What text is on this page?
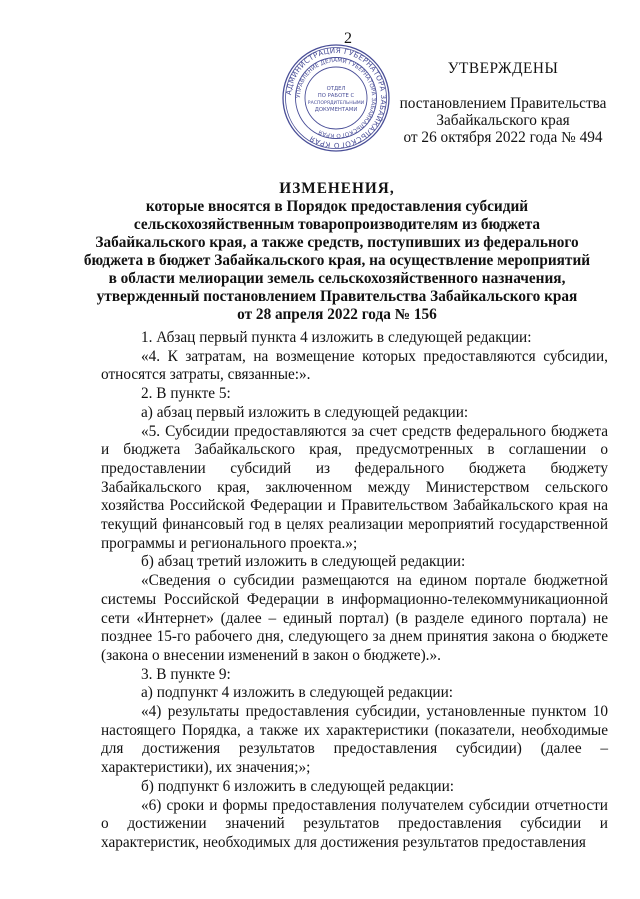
2
АДМИНИСТРАЦИЯ ГУБЕРНАТОРА ЗАБАЙКАЛЬСКОГО КРАЯ
УПРАВЛЕНИЕ ДЕЛАМИ ГУБЕРНАТОРА ЗАБАЙКАЛЬСКОГО КРАЯ
ОТДЕЛ
ПО РАБОТЕ С
РАСПОРЯДИТЕЛЬНЫМИ
ДОКУМЕНТАМИ

УТВЕРЖДЕНЫ

постановлением Правительства

Забайкальского края

от 26 октября 2022 года № 494

ИЗМЕНЕНИЯ,
которые вносятся в Порядок предоставления субсидий
сельскохозяйственным товаропроизводителям из бюджета
Забайкальского края, а также средств, поступивших из федерального
бюджета в бюджет Забайкальского края, на осуществление мероприятий
в области мелиорации земель сельскохозяйственного назначения,
утвержденный постановлением Правительства Забайкальского края
от 28 апреля 2022 года № 156

1. Абзац первый пункта 4 изложить в следующей редакции:

«4. К затратам, на возмещение которых предоставляются субсидии, относятся затраты, связанные:».

2. В пункте 5:

а) абзац первый изложить в следующей редакции:

«5. Субсидии предоставляются за счет средств федерального бюджета и бюджета Забайкальского края, предусмотренных в соглашении о предоставлении субсидий из федерального бюджета бюджету Забайкальского края, заключенном между Министерством сельского хозяйства Российской Федерации и Правительством Забайкальского края на текущий финансовый год в целях реализации мероприятий государственной программы и регионального проекта.»;

б) абзац третий изложить в следующей редакции:

«Сведения о субсидии размещаются на едином портале бюджетной системы Российской Федерации в информационно-телекоммуникационной сети «Интернет» (далее – единый портал) (в разделе единого портала) не позднее 15-го рабочего дня, следующего за днем принятия закона о бюджете (закона о внесении изменений в закон о бюджете).».

3. В пункте 9:

а) подпункт 4 изложить в следующей редакции:

«4) результаты предоставления субсидии, установленные пунктом 10 настоящего Порядка, а также их характеристики (показатели, необходимые для достижения результатов предоставления субсидии) (далее – характеристики), их значения;»;

б) подпункт 6 изложить в следующей редакции:

«6) сроки и формы предоставления получателем субсидии отчетности о достижении значений результатов предоставления субсидии и характеристик, необходимых для достижения результатов предоставления
